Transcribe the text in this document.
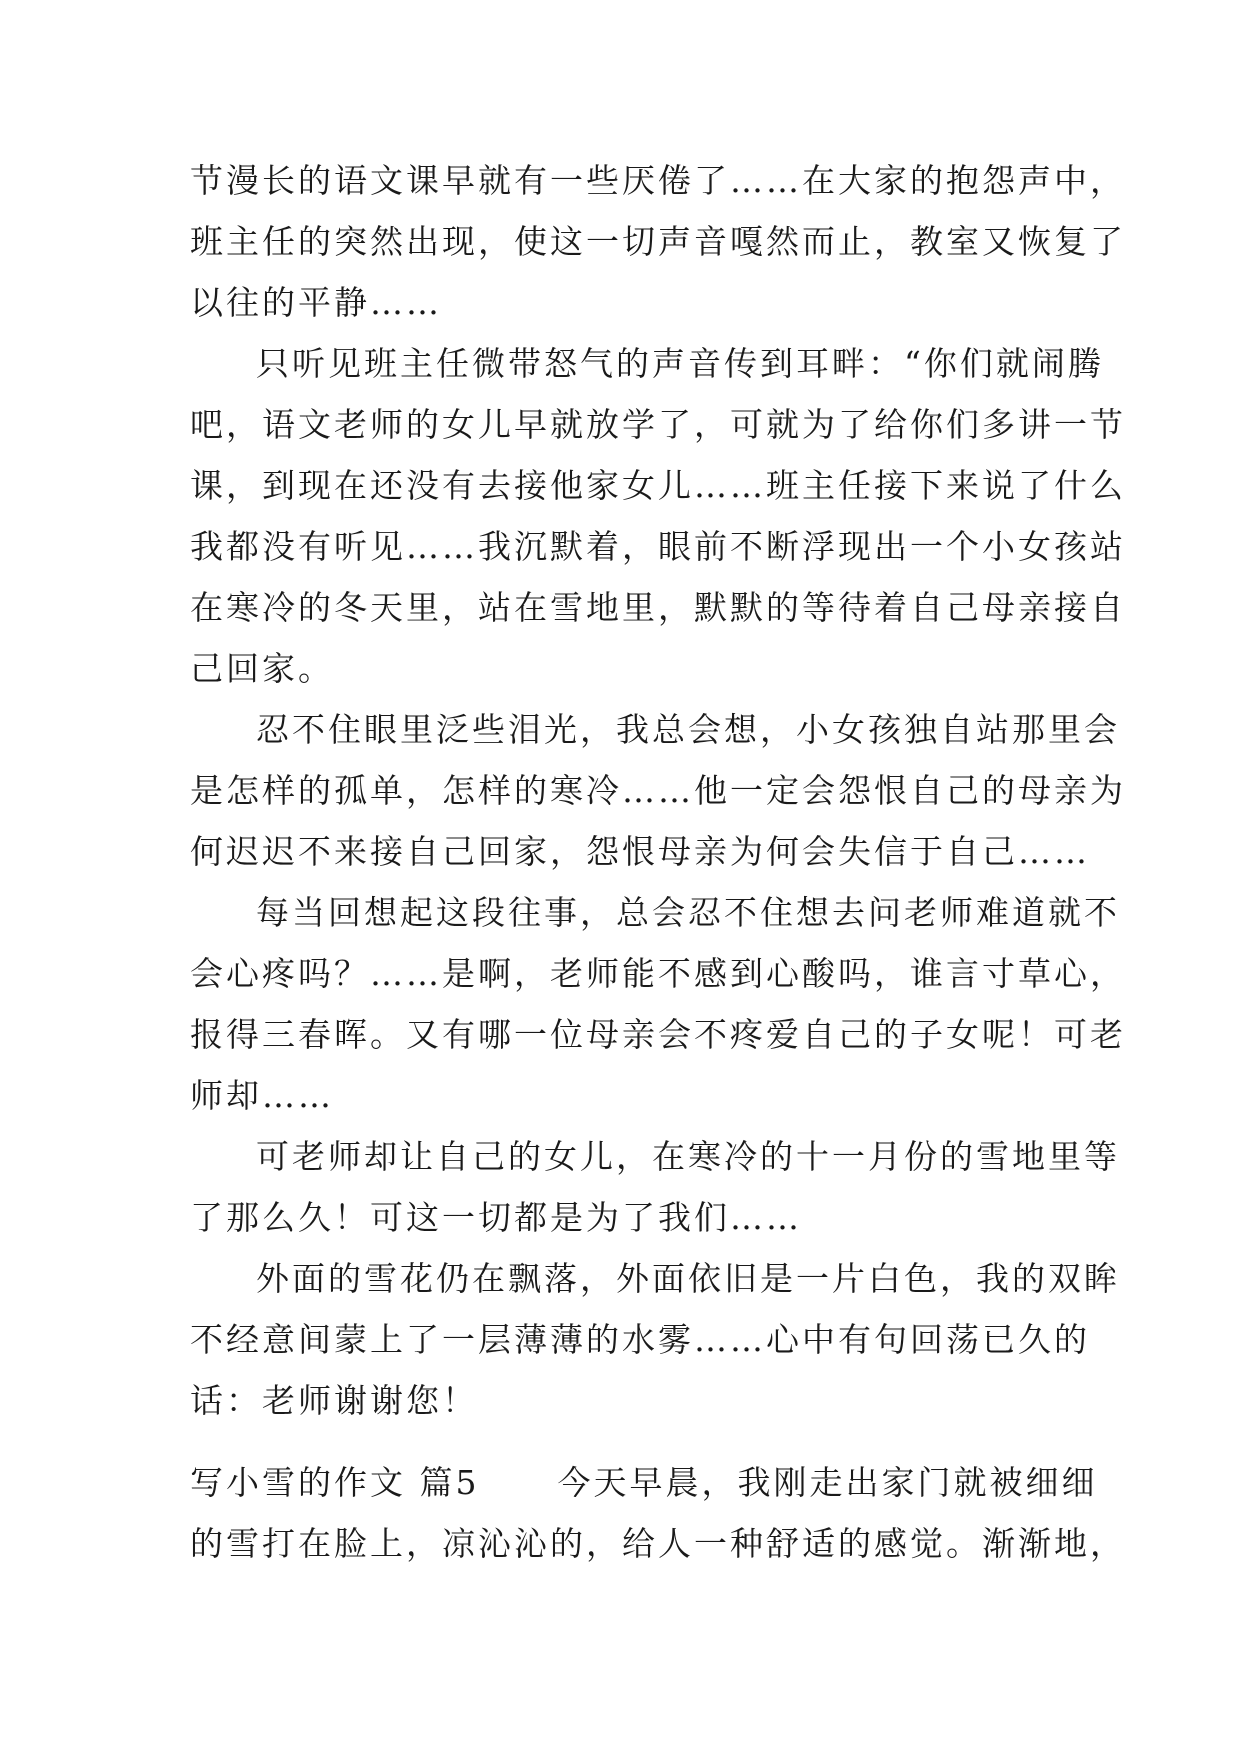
节漫长的语文课早就有一些厌倦了……在大家的抱怨声中，
班主任的突然出现，使这一切声音嘎然而止，教室又恢复了
以往的平静……
只听见班主任微带怒气的声音传到耳畔：“你们就闹腾
吧，语文老师的女儿早就放学了，可就为了给你们多讲一节
课，到现在还没有去接他家女儿……班主任接下来说了什么
我都没有听见……我沉默着，眼前不断浮现出一个小女孩站
在寒冷的冬天里，站在雪地里，默默的等待着自己母亲接自
己回家。
忍不住眼里泛些泪光，我总会想，小女孩独自站那里会
是怎样的孤单，怎样的寒冷……他一定会怨恨自己的母亲为
何迟迟不来接自己回家，怨恨母亲为何会失信于自己……
每当回想起这段往事，总会忍不住想去问老师难道就不
会心疼吗？……是啊，老师能不感到心酸吗，谁言寸草心，
报得三春晖。又有哪一位母亲会不疼爱自己的子女呢！可老
师却……
可老师却让自己的女儿，在寒冷的十一月份的雪地里等
了那么久！可这一切都是为了我们……
外面的雪花仍在飘落，外面依旧是一片白色，我的双眸
不经意间蒙上了一层薄薄的水雾……心中有句回荡已久的
话：老师谢谢您！
写小雪的作文 篇5 今天早晨，我刚走出家门就被细细
的雪打在脸上，凉沁沁的，给人一种舒适的感觉。渐渐地，
